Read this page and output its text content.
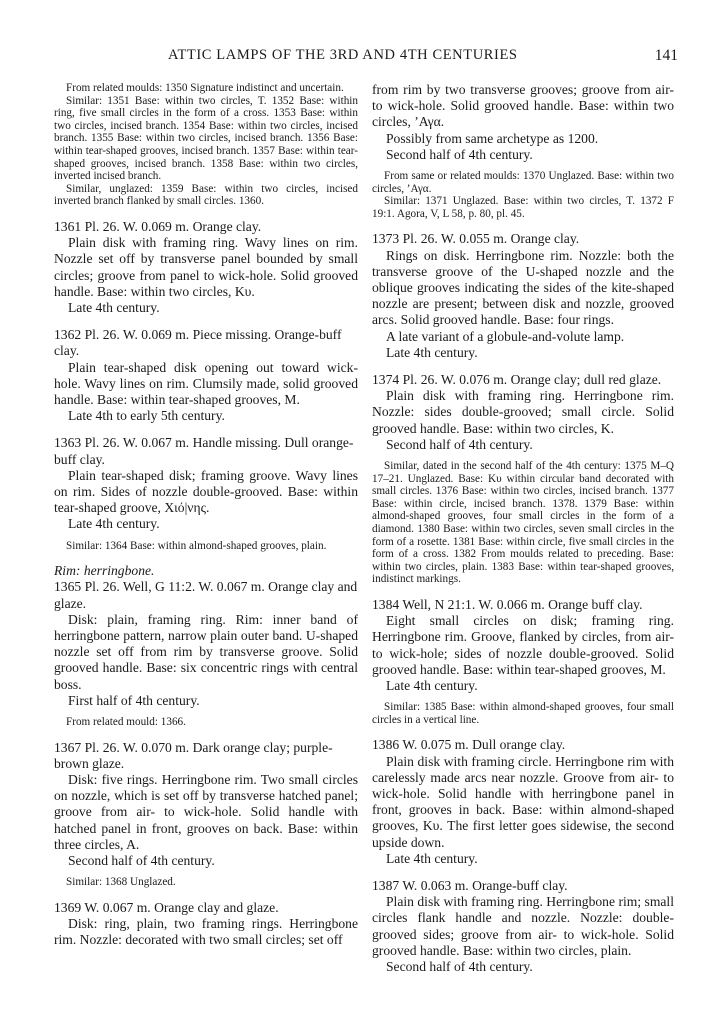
ATTIC LAMPS OF THE 3RD AND 4TH CENTURIES	141

From related moulds: 1350 Signature indistinct and uncertain.

Similar: 1351 Base: within two circles, T. 1352 Base: within ring, five small circles in the form of a cross. 1353 Base: within two circles, incised branch. 1354 Base: within two circles, incised branch. 1355 Base: within two circles, incised branch. 1356 Base: within tear-shaped grooves, incised branch. 1357 Base: within tear-shaped grooves, incised branch. 1358 Base: within two circles, inverted incised branch.

Similar, unglazed: 1359 Base: within two circles, incised inverted branch flanked by small circles. 1360.

1361 Pl. 26. W. 0.069 m. Orange clay.

Plain disk with framing ring. Wavy lines on rim. Nozzle set off by transverse panel bounded by small circles; groove from panel to wick-hole. Solid grooved handle. Base: within two circles, Κυ.

Late 4th century.

1362 Pl. 26. W. 0.069 m. Piece missing. Orange-buff clay.

Plain tear-shaped disk opening out toward wick-hole. Wavy lines on rim. Clumsily made, solid grooved handle. Base: within tear-shaped grooves, M.

Late 4th to early 5th century.

1363 Pl. 26. W. 0.067 m. Handle missing. Dull orange-buff clay.

Plain tear-shaped disk; framing groove. Wavy lines on rim. Sides of nozzle double-grooved. Base: within tear-shaped groove, Χιό|νης.

Late 4th century.

Similar: 1364 Base: within almond-shaped grooves, plain.

Rim: herringbone.

1365 Pl. 26. Well, G 11:2. W. 0.067 m. Orange clay and glaze.

Disk: plain, framing ring. Rim: inner band of herringbone pattern, narrow plain outer band. U-shaped nozzle set off from rim by transverse groove. Solid grooved handle. Base: six concentric rings with central boss.

First half of 4th century.

From related mould: 1366.

1367 Pl. 26. W. 0.070 m. Dark orange clay; purple-brown glaze.

Disk: five rings. Herringbone rim. Two small circles on nozzle, which is set off by transverse hatched panel; groove from air- to wick-hole. Solid handle with hatched panel in front, grooves on back. Base: within three circles, A.

Second half of 4th century.

Similar: 1368 Unglazed.

1369 W. 0.067 m. Orange clay and glaze.

Disk: ring, plain, two framing rings. Herringbone rim. Nozzle: decorated with two small circles; set off

from rim by two transverse grooves; groove from air- to wick-hole. Solid grooved handle. Base: within two circles, ’Αγα.

Possibly from same archetype as 1200.

Second half of 4th century.

From same or related moulds: 1370 Unglazed. Base: within two circles, ’Αγα.

Similar: 1371 Unglazed. Base: within two circles, T. 1372 F 19:1. Agora, V, L 58, p. 80, pl. 45.

1373 Pl. 26. W. 0.055 m. Orange clay.

Rings on disk. Herringbone rim. Nozzle: both the transverse groove of the U-shaped nozzle and the oblique grooves indicating the sides of the kite-shaped nozzle are present; between disk and nozzle, grooved arcs. Solid grooved handle. Base: four rings.

A late variant of a globule-and-volute lamp.

Late 4th century.

1374 Pl. 26. W. 0.076 m. Orange clay; dull red glaze.

Plain disk with framing ring. Herringbone rim. Nozzle: sides double-grooved; small circle. Solid grooved handle. Base: within two circles, K.

Second half of 4th century.

Similar, dated in the second half of the 4th century: 1375 M–Q 17–21. Unglazed. Base: Κυ within circular band decorated with small circles. 1376 Base: within two circles, incised branch. 1377 Base: within circle, incised branch. 1378. 1379 Base: within almond-shaped grooves, four small circles in the form of a diamond. 1380 Base: within two circles, seven small circles in the form of a rosette. 1381 Base: within circle, five small circles in the form of a cross. 1382 From moulds related to preceding. Base: within two circles, plain. 1383 Base: within tear-shaped grooves, indistinct markings.

1384 Well, N 21:1. W. 0.066 m. Orange buff clay.

Eight small circles on disk; framing ring. Herringbone rim. Groove, flanked by circles, from air- to wick-hole; sides of nozzle double-grooved. Solid grooved handle. Base: within tear-shaped grooves, M.

Late 4th century.

Similar: 1385 Base: within almond-shaped grooves, four small circles in a vertical line.

1386 W. 0.075 m. Dull orange clay.

Plain disk with framing circle. Herringbone rim with carelessly made arcs near nozzle. Groove from air- to wick-hole. Solid handle with herringbone panel in front, grooves in back. Base: within almond-shaped grooves, Κυ. The first letter goes sidewise, the second upside down.

Late 4th century.

1387 W. 0.063 m. Orange-buff clay.

Plain disk with framing ring. Herringbone rim; small circles flank handle and nozzle. Nozzle: double-grooved sides; groove from air- to wick-hole. Solid grooved handle. Base: within two circles, plain.

Second half of 4th century.
